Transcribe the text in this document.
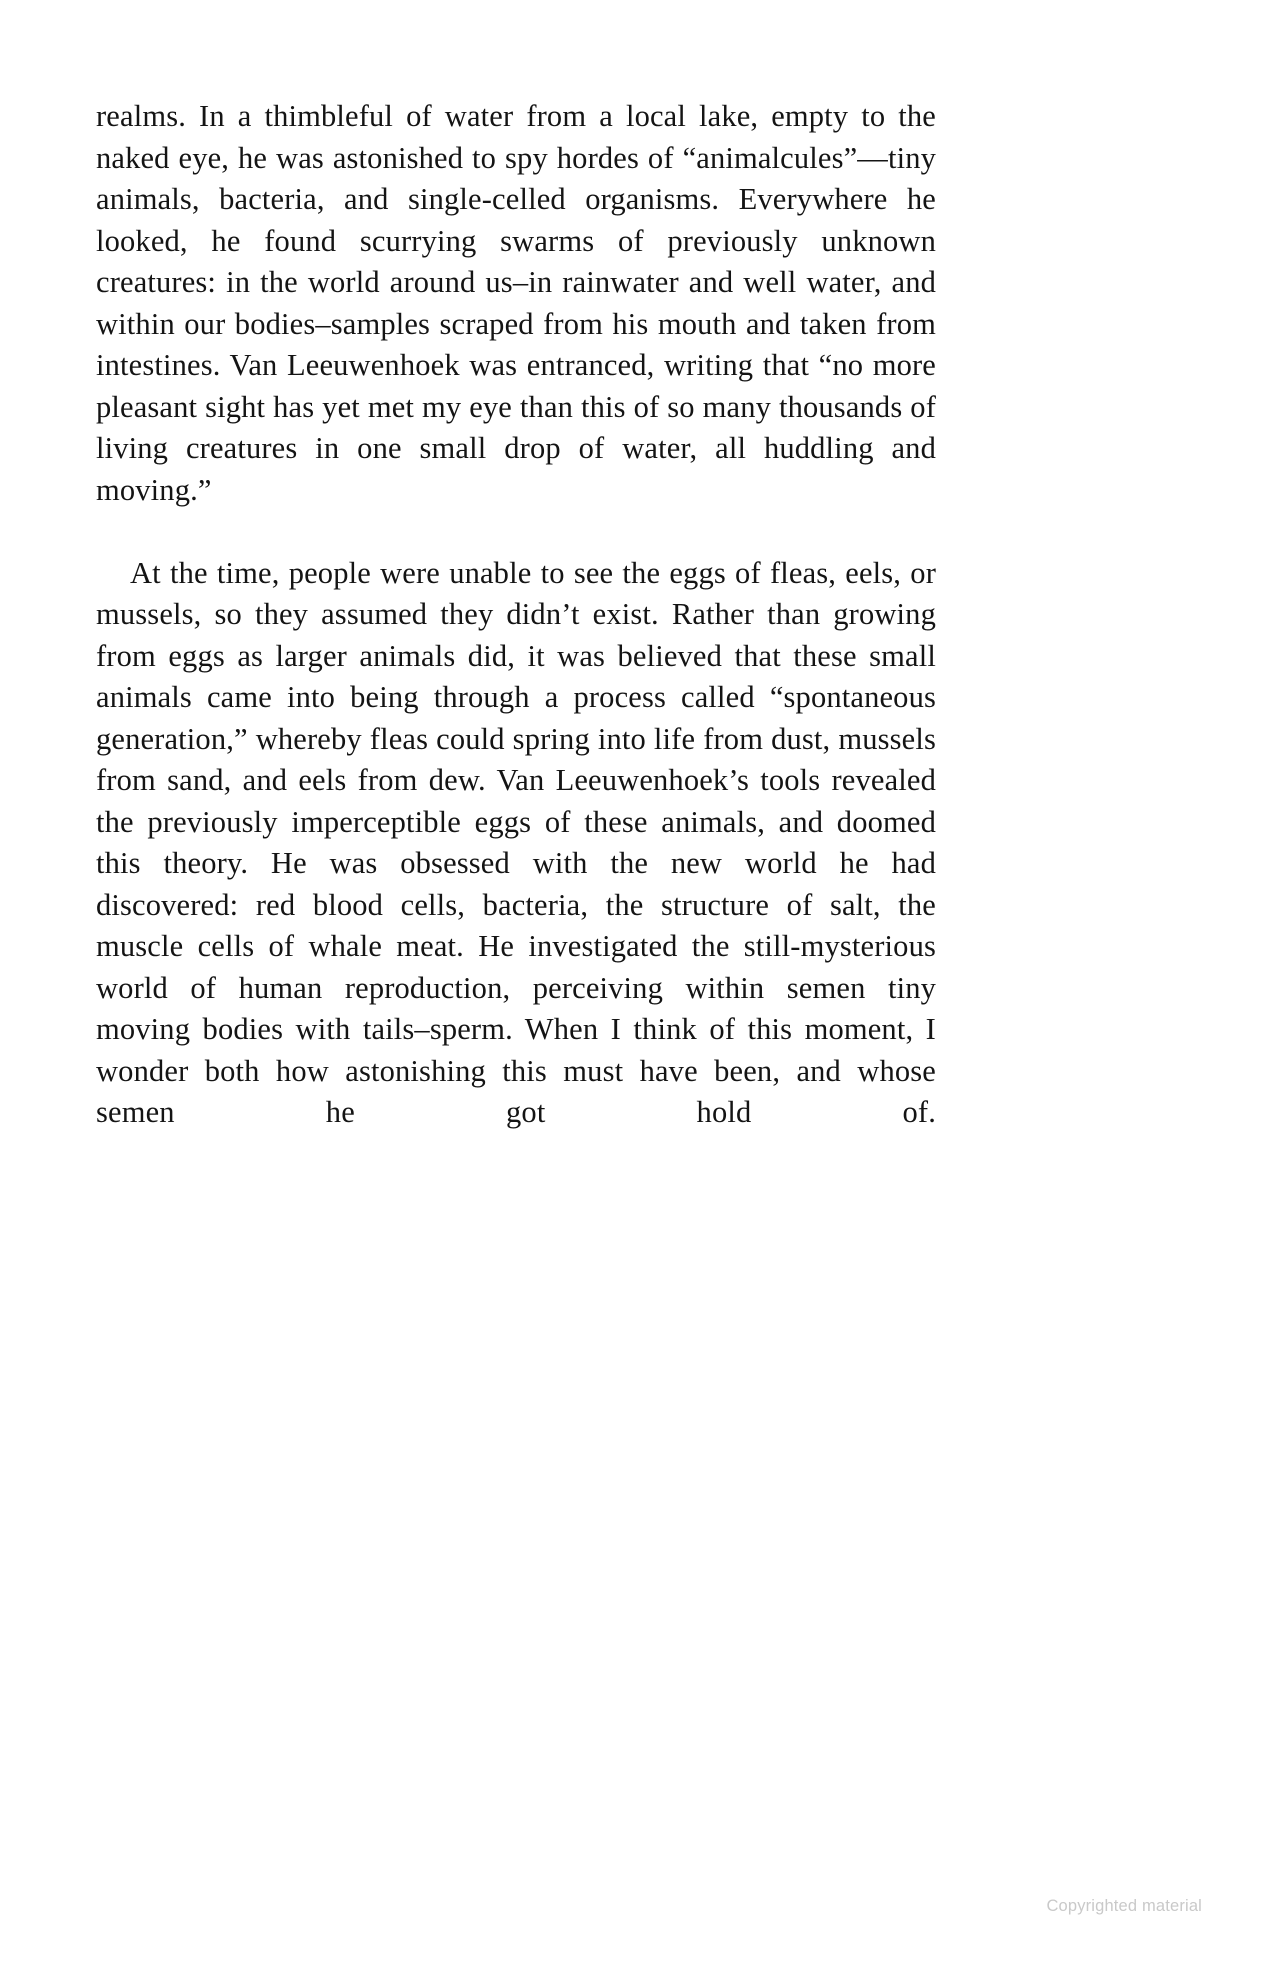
realms. In a thimbleful of water from a local lake, empty to the naked eye, he was astonished to spy hordes of “animalcules”—tiny animals, bacteria, and single-celled organisms. Everywhere he looked, he found scurrying swarms of previously unknown creatures: in the world around us–in rainwater and well water, and within our bodies–samples scraped from his mouth and taken from intestines. Van Leeuwenhoek was entranced, writing that “no more pleasant sight has yet met my eye than this of so many thousands of living creatures in one small drop of water, all huddling and moving.”

At the time, people were unable to see the eggs of fleas, eels, or mussels, so they assumed they didn’t exist. Rather than growing from eggs as larger animals did, it was believed that these small animals came into being through a process called “spontaneous generation,” whereby fleas could spring into life from dust, mussels from sand, and eels from dew. Van Leeuwenhoek’s tools revealed the previously imperceptible eggs of these animals, and doomed this theory. He was obsessed with the new world he had discovered: red blood cells, bacteria, the structure of salt, the muscle cells of whale meat. He investigated the still-mysterious world of human reproduction, perceiving within semen tiny moving bodies with tails–sperm. When I think of this moment, I wonder both how astonishing this must have been, and whose semen he got hold of.

Copyrighted material
